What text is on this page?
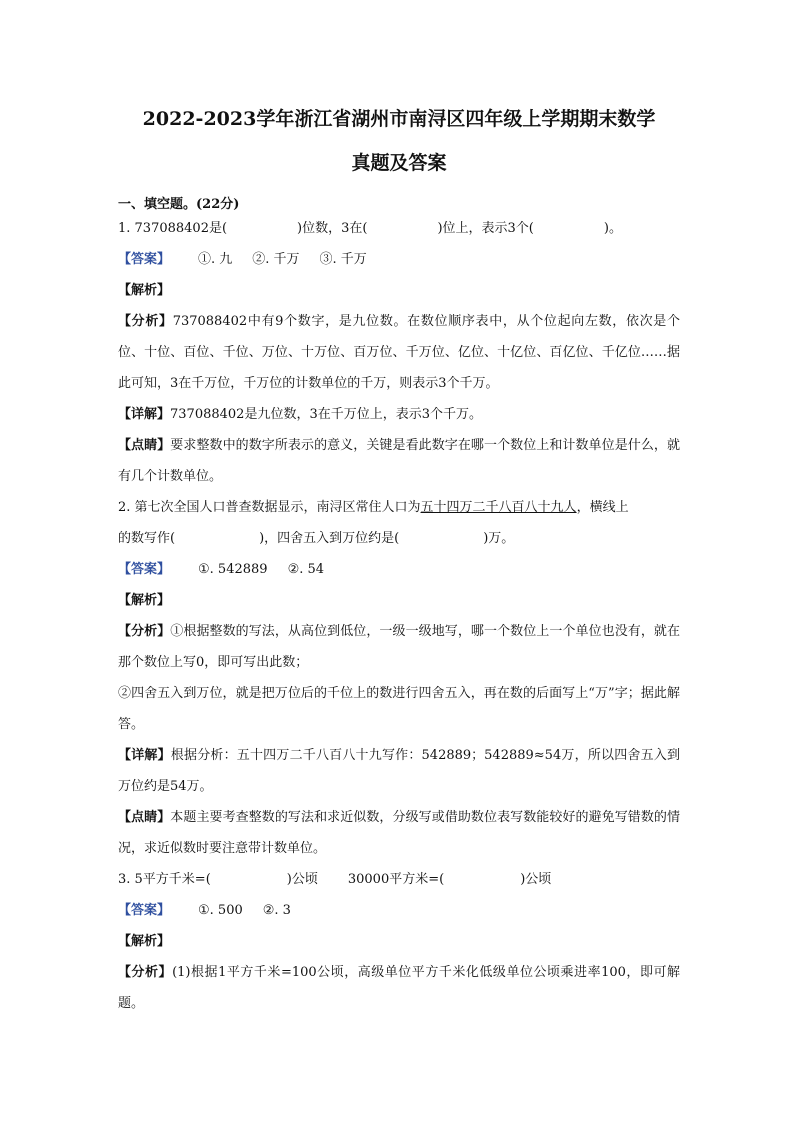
2022-2023学年浙江省湖州市南浔区四年级上学期期末数学
真题及答案
一、填空题。(22分)
1. 737088402是(	)位数，3在(	)位上，表示3个(	)。
【答案】 ①. 九 ②. 千万 ③. 千万
【解析】
【分析】737088402中有9个数字，是九位数。在数位顺序表中，从个位起向左数，依次是个位、十位、百位、千位、万位、十万位、百万位、千万位、亿位、十亿位、百亿位、千亿位……据此可知，3在千万位，千万位的计数单位的千万，则表示3个千万。
【详解】737088402是九位数，3在千万位上，表示3个千万。
【点睛】要求整数中的数字所表示的意义，关键是看此数字在哪一个数位上和计数单位是什么，就有几个计数单位。
2. 第七次全国人口普查数据显示，南浔区常住人口为五十四万二千八百八十九人，横线上
的数写作(	)，四舍五入到万位约是(	)万。
【答案】 ①. 542889 ②. 54
【解析】
【分析】①根据整数的写法，从高位到低位，一级一级地写，哪一个数位上一个单位也没有，就在那个数位上写0，即可写出此数；
②四舍五入到万位，就是把万位后的千位上的数进行四舍五入，再在数的后面写上“万”字；据此解答。
【详解】根据分析：五十四万二千八百八十九写作：542889；542889≈54万，所以四舍五入到万位约是54万。
【点睛】本题主要考查整数的写法和求近似数，分级写或借助数位表写数能较好的避免写错数的情况，求近似数时要注意带计数单位。
3. 5平方千米=(	)公顷 30000平方米=(	)公顷
【答案】 ①. 500 ②. 3
【解析】
【分析】(1)根据1平方千米=100公顷，高级单位平方千米化低级单位公顷乘进率100，即可解题。
